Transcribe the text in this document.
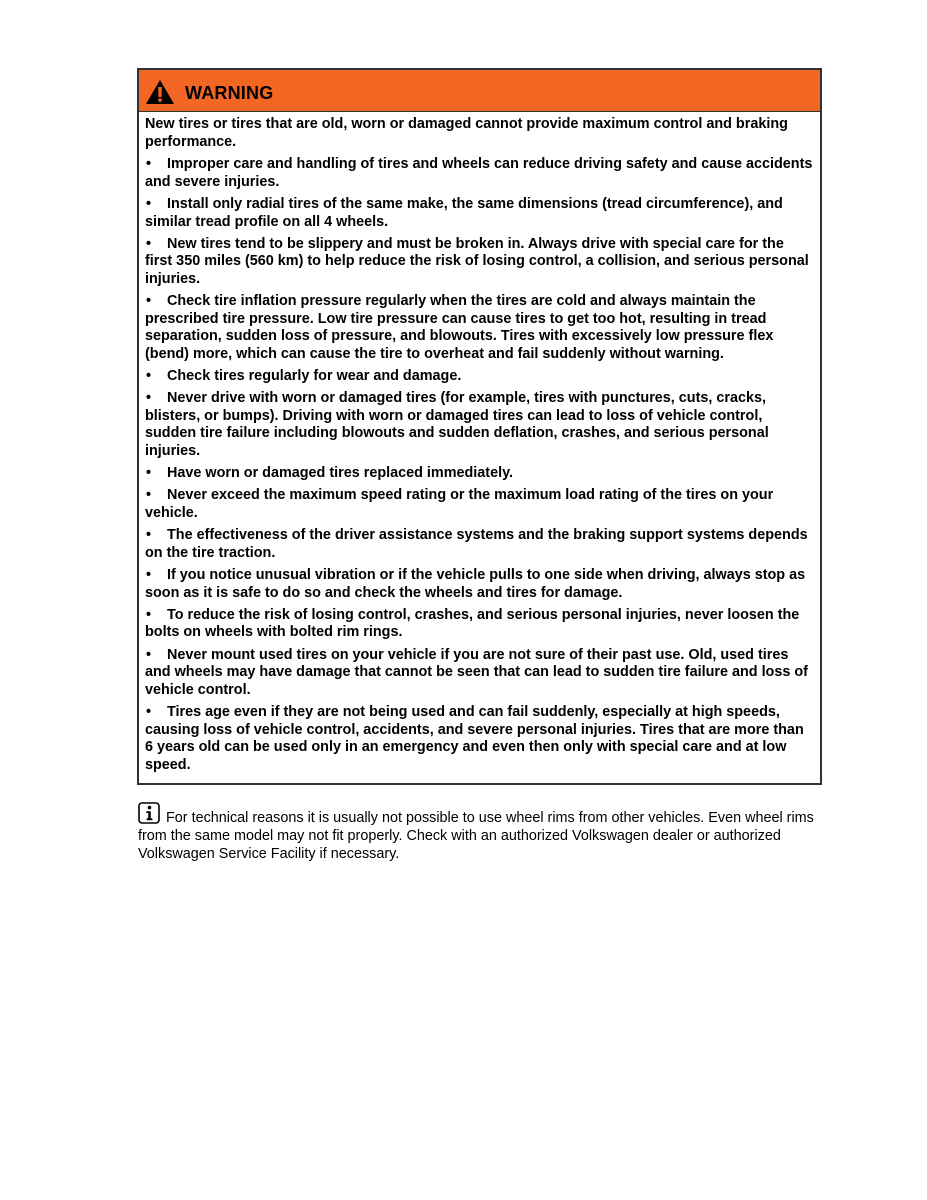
WARNING

New tires or tires that are old, worn or damaged cannot provide maximum control and braking performance.

• Improper care and handling of tires and wheels can reduce driving safety and cause accidents and severe injuries.

• Install only radial tires of the same make, the same dimensions (tread circumference), and similar tread profile on all 4 wheels.

• New tires tend to be slippery and must be broken in. Always drive with special care for the first 350 miles (560 km) to help reduce the risk of losing control, a collision, and serious personal injuries.

• Check tire inflation pressure regularly when the tires are cold and always maintain the prescribed tire pressure. Low tire pressure can cause tires to get too hot, resulting in tread separation, sudden loss of pressure, and blowouts. Tires with excessively low pressure flex (bend) more, which can cause the tire to overheat and fail suddenly without warning.

• Check tires regularly for wear and damage.

• Never drive with worn or damaged tires (for example, tires with punctures, cuts, cracks, blisters, or bumps). Driving with worn or damaged tires can lead to loss of vehicle control, sudden tire failure including blowouts and sudden deflation, crashes, and serious personal injuries.

• Have worn or damaged tires replaced immediately.

• Never exceed the maximum speed rating or the maximum load rating of the tires on your vehicle.

• The effectiveness of the driver assistance systems and the braking support systems depends on the tire traction.

• If you notice unusual vibration or if the vehicle pulls to one side when driving, always stop as soon as it is safe to do so and check the wheels and tires for damage.

• To reduce the risk of losing control, crashes, and serious personal injuries, never loosen the bolts on wheels with bolted rim rings.

• Never mount used tires on your vehicle if you are not sure of their past use. Old, used tires and wheels may have damage that cannot be seen that can lead to sudden tire failure and loss of vehicle control.

• Tires age even if they are not being used and can fail suddenly, especially at high speeds, causing loss of vehicle control, accidents, and severe personal injuries. Tires that are more than 6 years old can be used only in an emergency and even then only with special care and at low speed.

For technical reasons it is usually not possible to use wheel rims from other vehicles. Even wheel rims from the same model may not fit properly. Check with an authorized Volkswagen dealer or authorized Volkswagen Service Facility if necessary.
